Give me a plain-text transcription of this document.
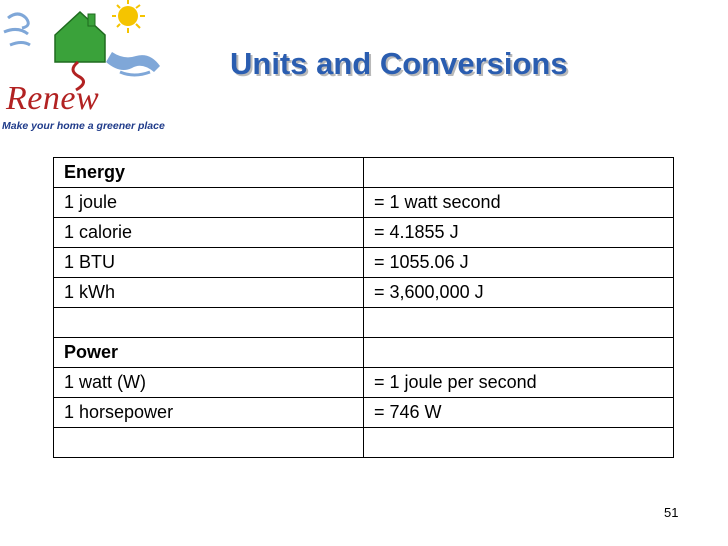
Renew
Make your home a greener place
Units and Conversions
Energy	
1 joule	= 1 watt second
1 calorie	= 4.1855 J
1 BTU	= 1055.06 J
1 kWh	= 3,600,000 J

Power	
1 watt (W)	= 1 joule per second
1 horsepower	= 746 W

51
